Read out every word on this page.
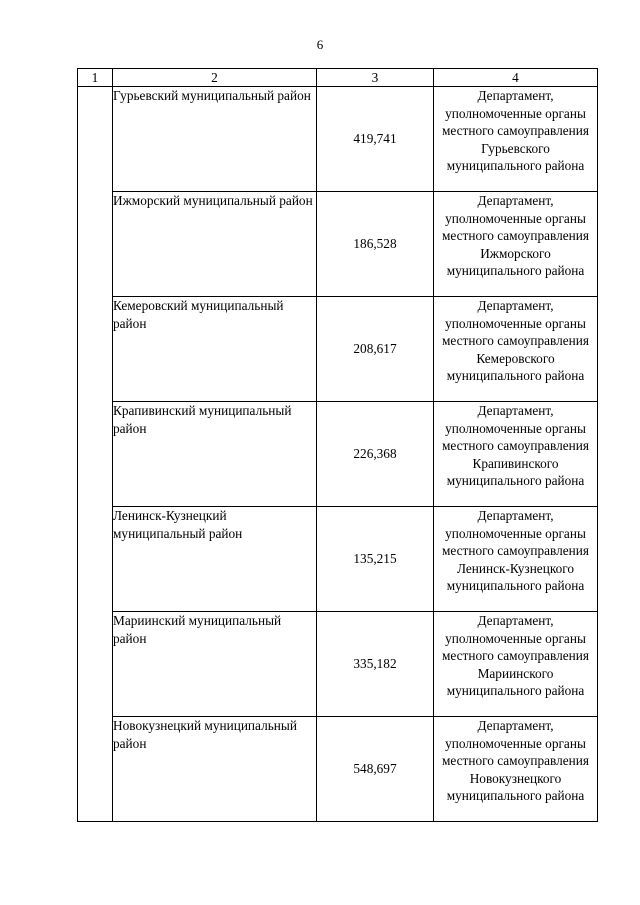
6
1	2	3	4
	Гурьевский муниципальный район	419,741	Департамент, уполномоченные органы местного самоуправления Гурьевского муниципального района
	Ижморский муниципальный район	186,528	Департамент, уполномоченные органы местного самоуправления Ижморского муниципального района
	Кемеровский муниципальный район	208,617	Департамент, уполномоченные органы местного самоуправления Кемеровского муниципального района
	Крапивинский муниципальный район	226,368	Департамент, уполномоченные органы местного самоуправления Крапивинского муниципального района
	Ленинск-Кузнецкий муниципальный район	135,215	Департамент, уполномоченные органы местного самоуправления Ленинск-Кузнецкого муниципального района
	Мариинский муниципальный район	335,182	Департамент, уполномоченные органы местного самоуправления Мариинского муниципального района
	Новокузнецкий муниципальный район	548,697	Департамент, уполномоченные органы местного самоуправления Новокузнецкого муниципального района
